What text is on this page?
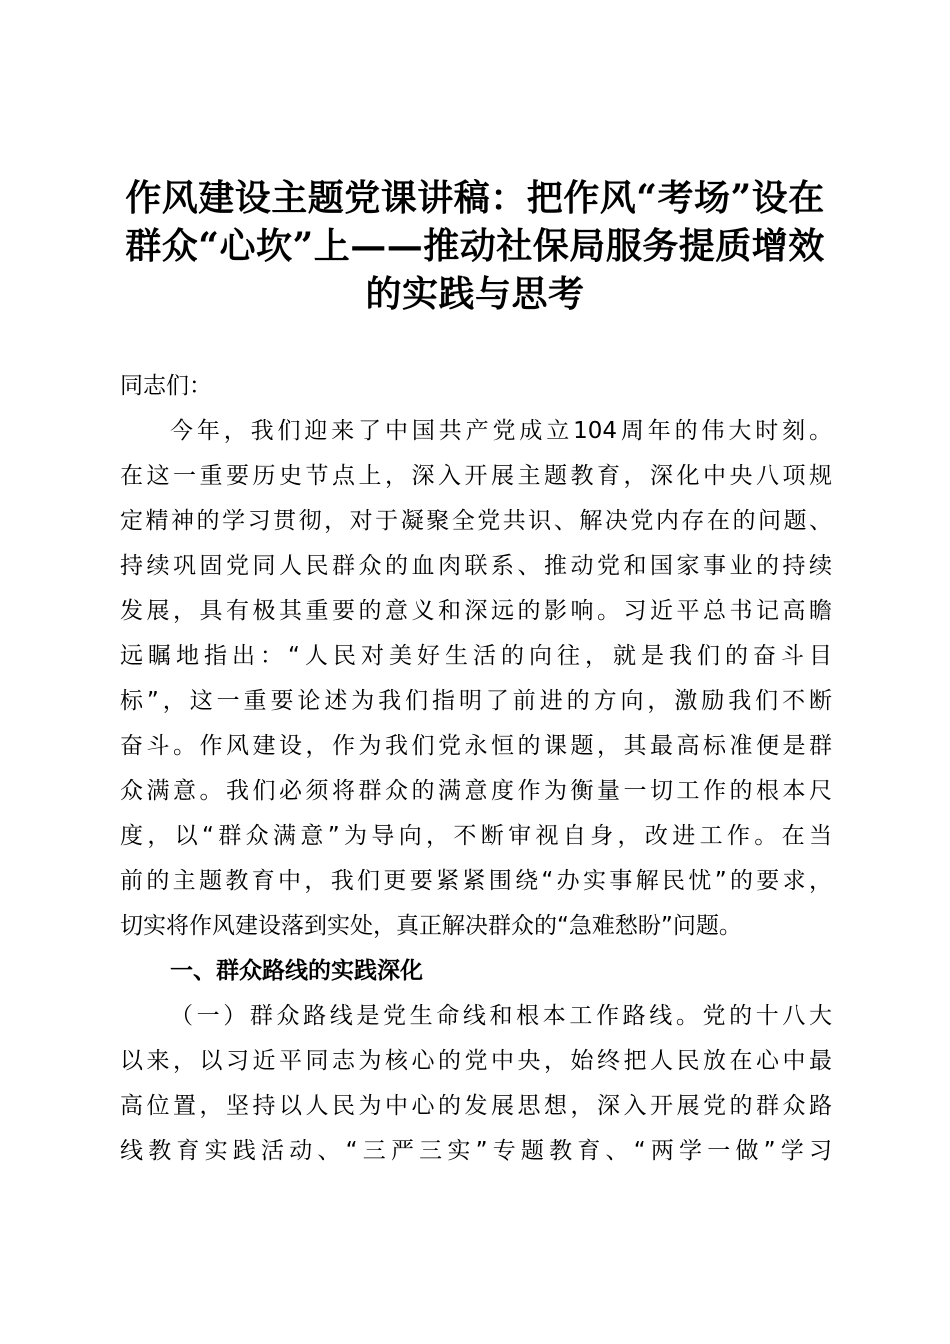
作风建设主题党课讲稿：把作风“考场”设在
群众“心坎”上——推动社保局服务提质增效
的实践与思考
同志们：
今年，我们迎来了中国共产党成立104周年的伟大时刻。
在这一重要历史节点上，深入开展主题教育，深化中央八项规
定精神的学习贯彻，对于凝聚全党共识、解决党内存在的问题、
持续巩固党同人民群众的血肉联系、推动党和国家事业的持续
发展，具有极其重要的意义和深远的影响。习近平总书记高瞻
远瞩地指出：“人民对美好生活的向往，就是我们的奋斗目
标”，这一重要论述为我们指明了前进的方向，激励我们不断
奋斗。作风建设，作为我们党永恒的课题，其最高标准便是群
众满意。我们必须将群众的满意度作为衡量一切工作的根本尺
度，以“群众满意”为导向，不断审视自身，改进工作。在当
前的主题教育中，我们更要紧紧围绕“办实事解民忧”的要求，
切实将作风建设落到实处，真正解决群众的“急难愁盼”问题。
一、群众路线的实践深化
（一）群众路线是党生命线和根本工作路线。党的十八大
以来，以习近平同志为核心的党中央，始终把人民放在心中最
高位置，坚持以人民为中心的发展思想，深入开展党的群众路
线教育实践活动、“三严三实”专题教育、“两学一做”学习
